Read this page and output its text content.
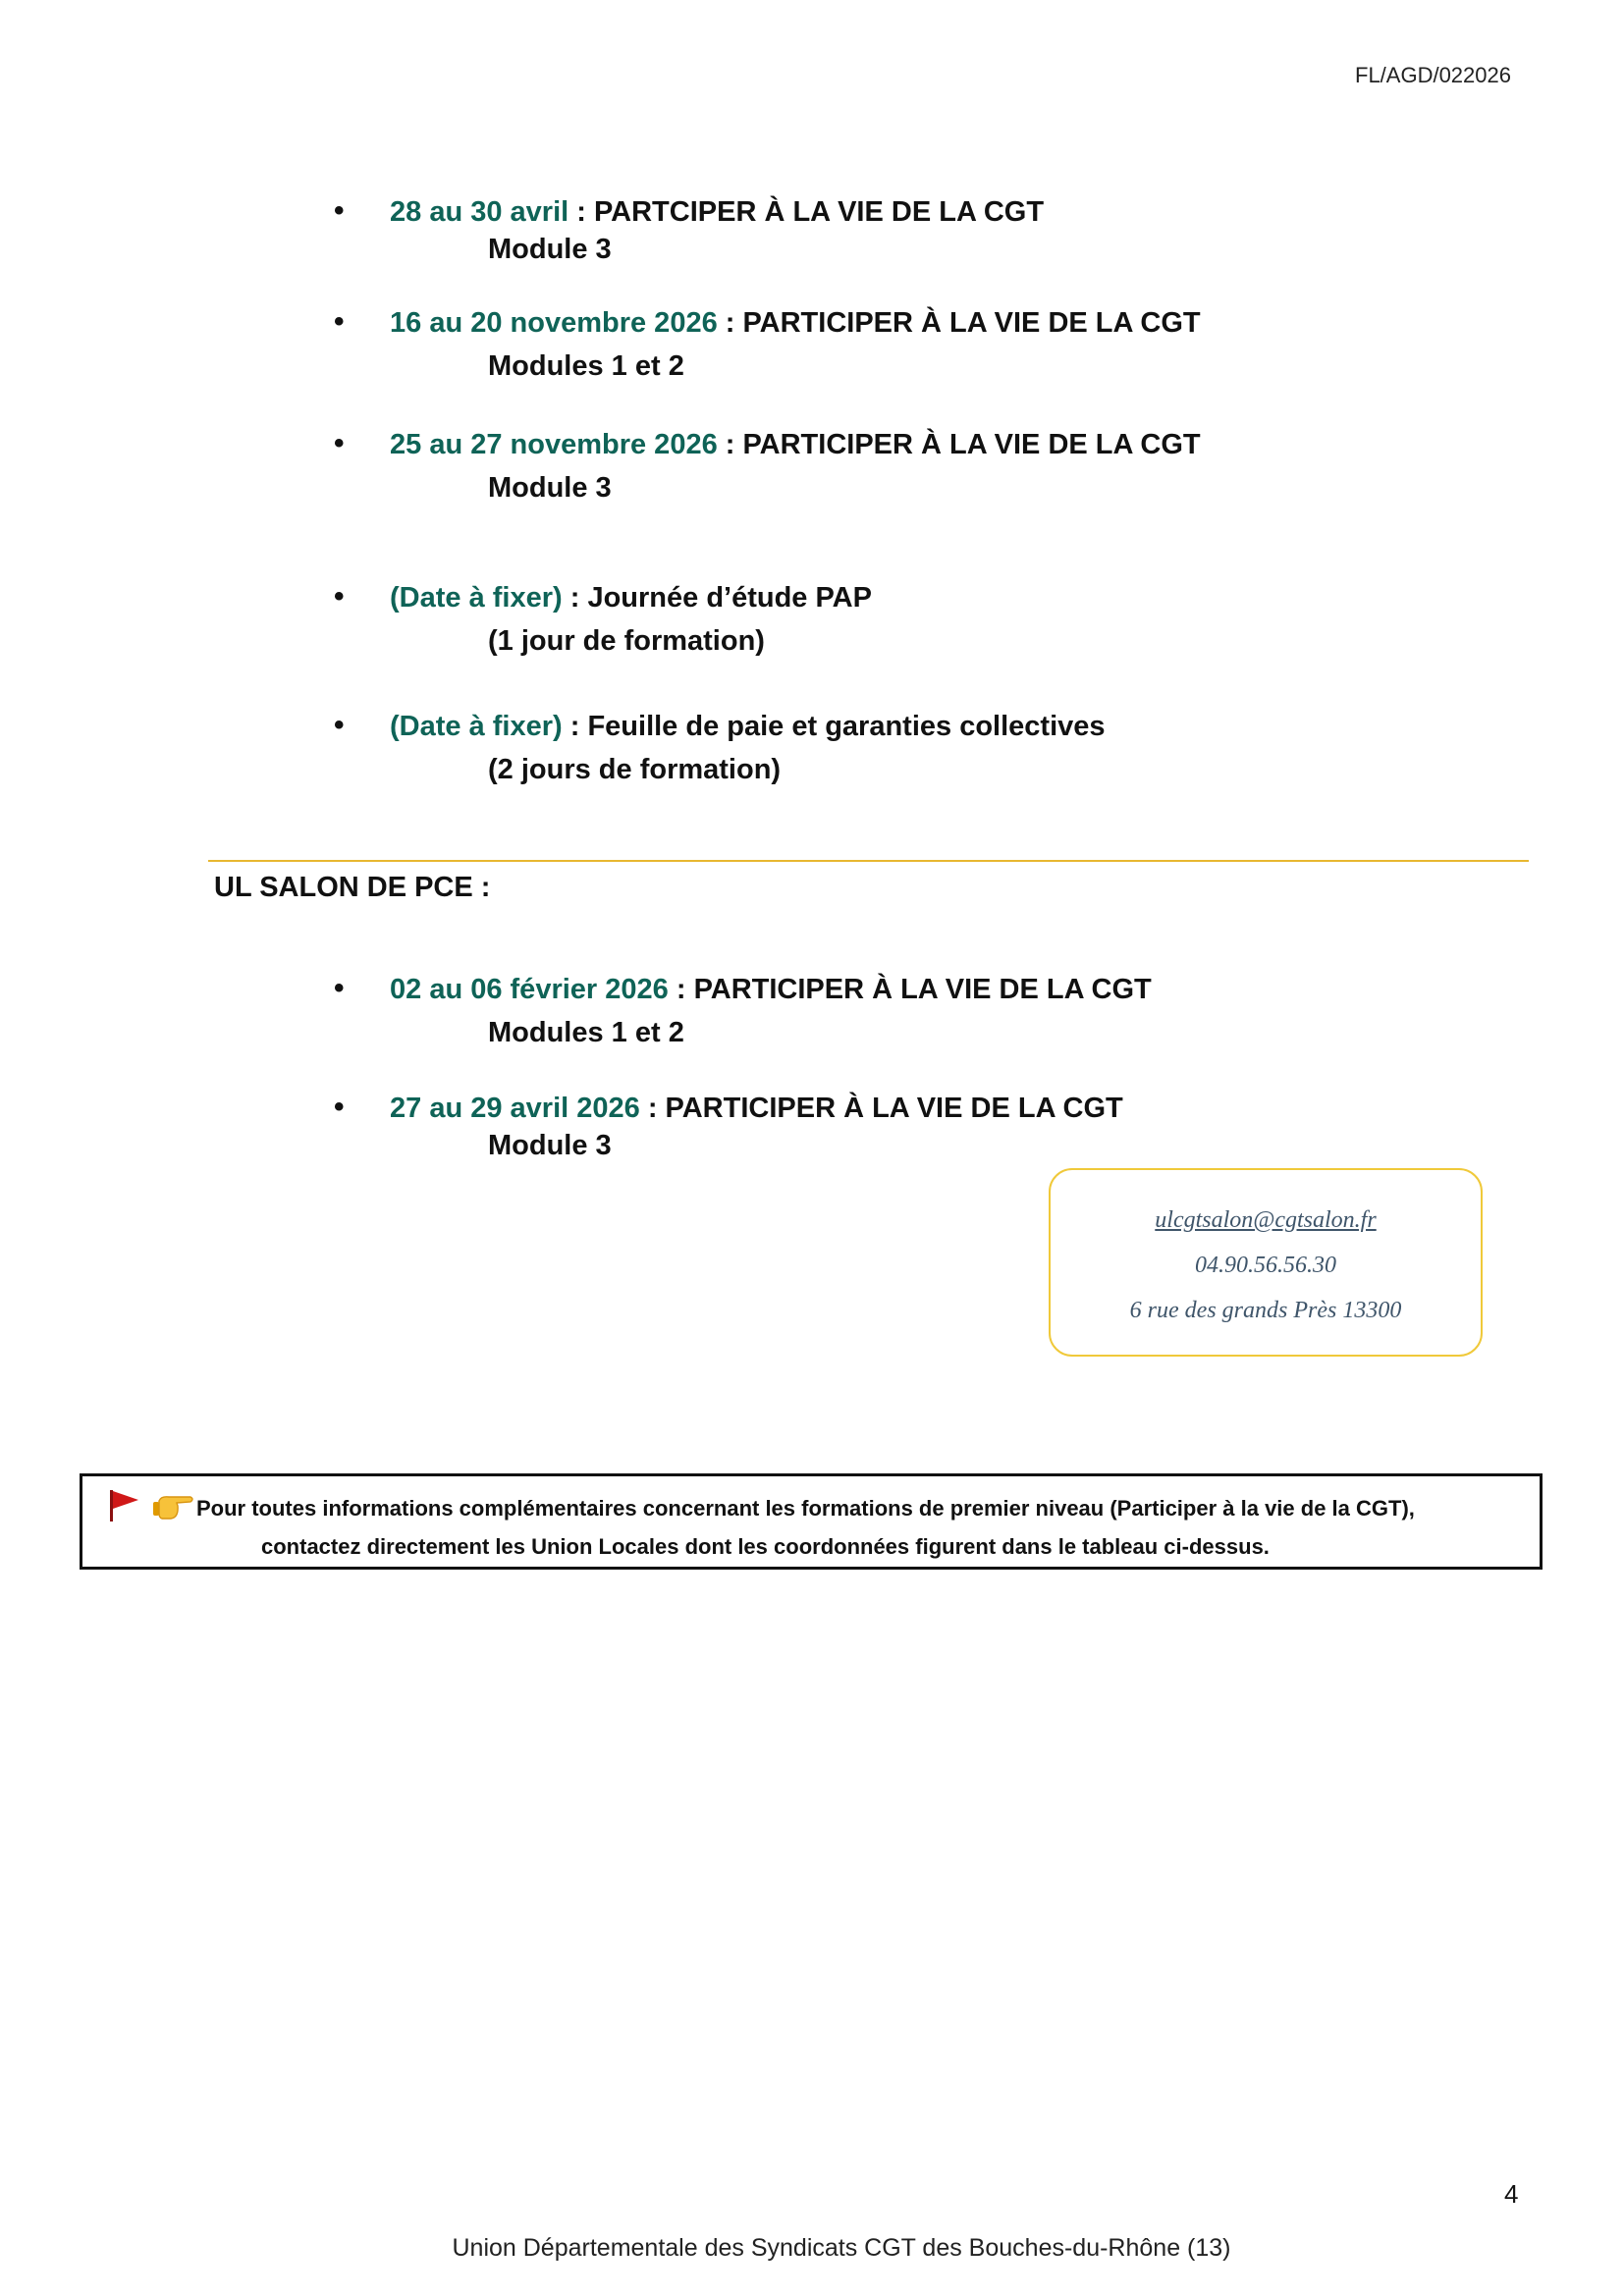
FL/AGD/022026
• 28 au 30 avril : PARTCIPER À LA VIE DE LA CGT
Module 3
• 16 au 20 novembre 2026 : PARTICIPER À LA VIE DE LA CGT
Modules 1 et 2
• 25 au 27 novembre 2026 : PARTICIPER À LA VIE DE LA CGT
Module 3
• (Date à fixer) : Journée d’étude PAP
(1 jour de formation)
• (Date à fixer) : Feuille de paie et garanties collectives
(2 jours de formation)
UL SALON DE PCE :
• 02 au 06 février 2026 : PARTICIPER À LA VIE DE LA CGT
Modules 1 et 2
• 27 au 29 avril 2026 : PARTICIPER À LA VIE DE LA CGT
Module 3
ulcgtsalon@cgtsalon.fr
04.90.56.56.30
6 rue des grands Près 13300
Pour toutes informations complémentaires concernant les formations de premier niveau (Participer à la vie de la CGT),
contactez directement les Union Locales dont les coordonnées figurent dans le tableau ci-dessus.
4
Union Départementale des Syndicats CGT des Bouches-du-Rhône (13)
